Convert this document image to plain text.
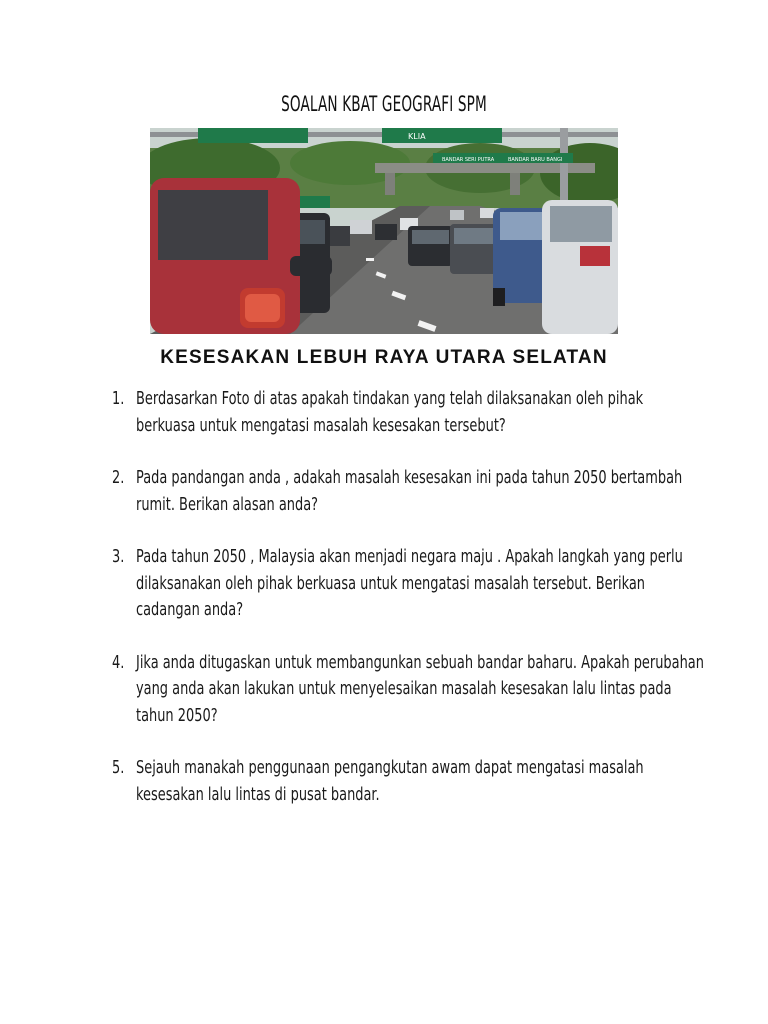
SOALAN KBAT GEOGRAFI SPM
KLIA
BANDAR SERI PUTRA	BANDAR BARU BANGI
KESESAKAN LEBUH RAYA UTARA SELATAN
1. Berdasarkan Foto di atas apakah tindakan yang telah dilaksanakan oleh pihak
berkuasa untuk mengatasi masalah kesesakan tersebut?
2. Pada pandangan anda , adakah masalah kesesakan ini pada tahun 2050 bertambah
rumit. Berikan alasan anda?
3. Pada tahun 2050 , Malaysia akan menjadi negara maju . Apakah langkah yang perlu
dilaksanakan oleh pihak berkuasa untuk mengatasi masalah tersebut. Berikan
cadangan anda?
4. Jika anda ditugaskan untuk membangunkan sebuah bandar baharu. Apakah perubahan
yang anda akan lakukan untuk menyelesaikan masalah kesesakan lalu lintas pada
tahun 2050?
5. Sejauh manakah penggunaan pengangkutan awam dapat mengatasi masalah
kesesakan lalu lintas di pusat bandar.
